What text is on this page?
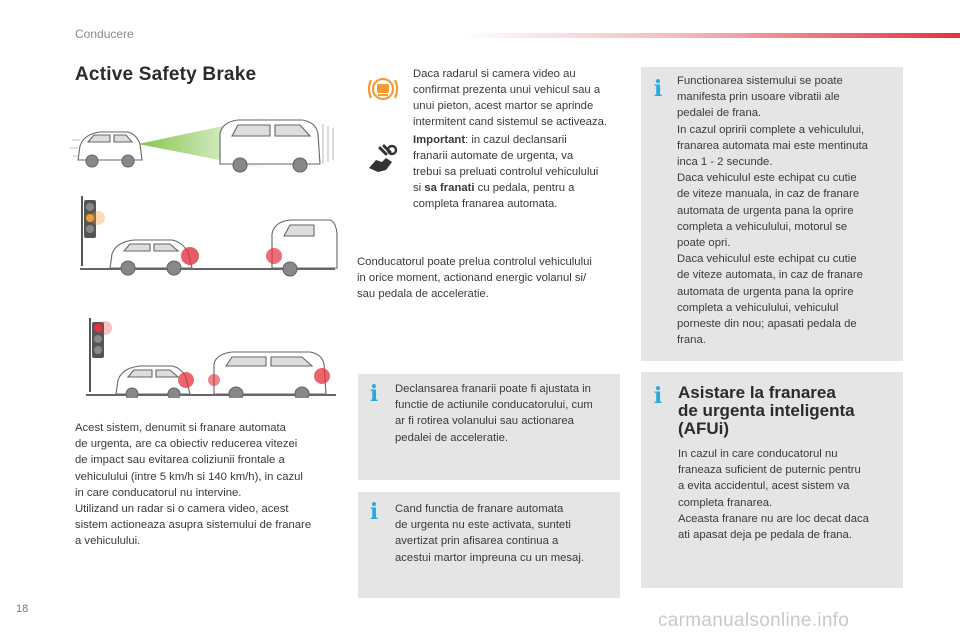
Conducere
Active Safety Brake

Acest sistem, denumit si franare automata

de urgenta, are ca obiectiv reducerea vitezei

de impact sau evitarea coliziunii frontale a

vehiculului (intre 5 km/h si 140 km/h), in cazul

in care conducatorul nu intervine.

Utilizand un radar si o camera video, acest

sistem actioneaza asupra sistemului de franare

a vehiculului.

Daca radarul si camera video au

confirmat prezenta unui vehicul sau a

unui pieton, acest martor se aprinde

intermitent cand sistemul se activeaza.

Important: in cazul declansarii

franarii automate de urgenta, va

trebui sa preluati controlul vehiculului

si sa franati cu pedala, pentru a

completa franarea automata.

Conducatorul poate prelua controlul vehiculului

in orice moment, actionand energic volanul si/

sau pedala de acceleratie.

i	Declansarea franarii poate fi ajustata in

functie de actiunile conducatorului, cum

ar fi rotirea volanului sau actionarea

pedalei de acceleratie.

i	Cand functia de franare automata

de urgenta nu este activata, sunteti

avertizat prin afisarea continua a

acestui martor impreuna cu un mesaj.

i	Functionarea sistemului se poate

manifesta prin usoare vibratii ale

pedalei de frana.

In cazul opririi complete a vehiculului,

franarea automata mai este mentinuta

inca 1 - 2 secunde.

Daca vehiculul este echipat cu cutie

de viteze manuala, in caz de franare

automata de urgenta pana la oprire

completa a vehiculului, motorul se

poate opri.

Daca vehiculul este echipat cu cutie

de viteze automata, in caz de franare

automata de urgenta pana la oprire

completa a vehiculului, vehiculul

porneste din nou; apasati pedala de

frana.

i Asistare la franarea

de urgenta inteligenta

(AFUi)

In cazul in care conducatorul nu

franeaza suficient de puternic pentru

a evita accidentul, acest sistem va

completa franarea.

Aceasta franare nu are loc decat daca

ati apasat deja pe pedala de frana.

18
carmanualsonline.info
